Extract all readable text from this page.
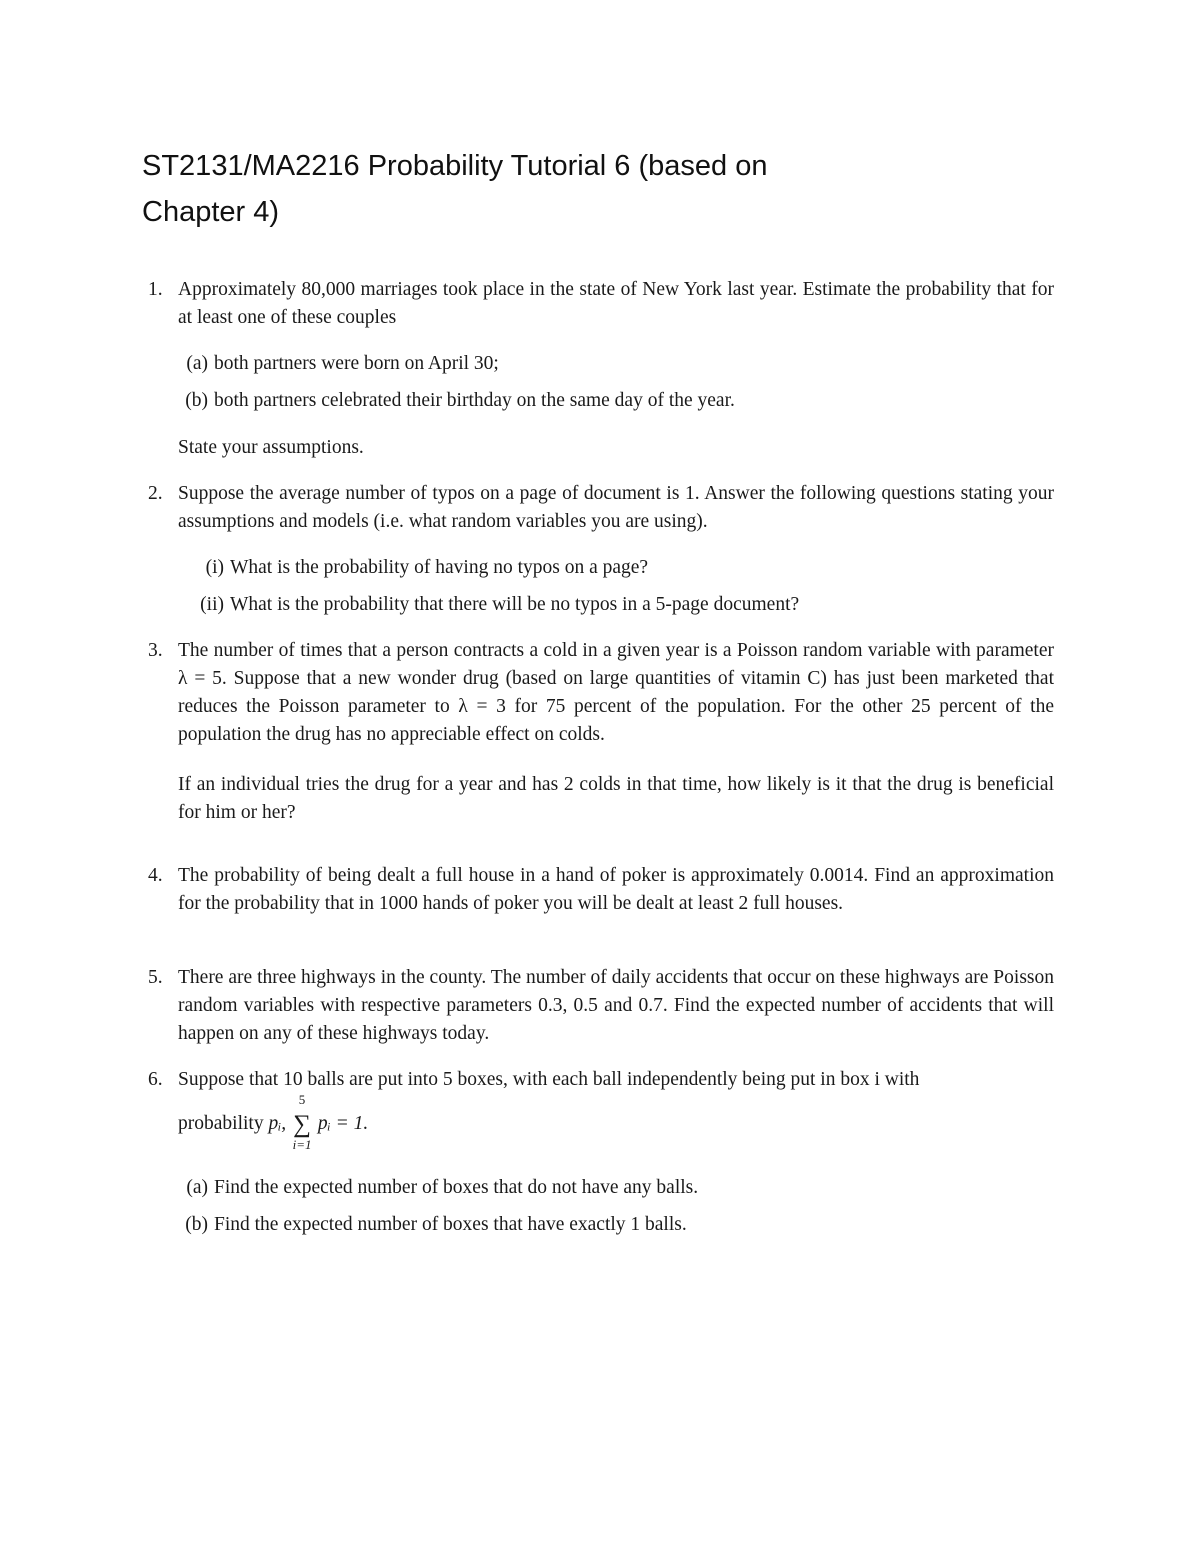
ST2131/MA2216 Probability Tutorial 6 (based on
Chapter 4)
1. Approximately 80,000 marriages took place in the state of New York last year. Estimate the probability that for at least one of these couples
(a) both partners were born on April 30;
(b) both partners celebrated their birthday on the same day of the year.
State your assumptions.
2. Suppose the average number of typos on a page of document is 1. Answer the following questions stating your assumptions and models (i.e. what random variables you are using).
(i) What is the probability of having no typos on a page?
(ii) What is the probability that there will be no typos in a 5-page document?
3. The number of times that a person contracts a cold in a given year is a Poisson random variable with parameter λ = 5. Suppose that a new wonder drug (based on large quantities of vitamin C) has just been marketed that reduces the Poisson parameter to λ = 3 for 75 percent of the population. For the other 25 percent of the population the drug has no appreciable effect on colds.
If an individual tries the drug for a year and has 2 colds in that time, how likely is it that the drug is beneficial for him or her?
4. The probability of being dealt a full house in a hand of poker is approximately 0.0014. Find an approximation for the probability that in 1000 hands of poker you will be dealt at least 2 full houses.
5. There are three highways in the county. The number of daily accidents that occur on these highways are Poisson random variables with respective parameters 0.3, 0.5 and 0.7. Find the expected number of accidents that will happen on any of these highways today.
6. Suppose that 10 balls are put into 5 boxes, with each ball independently being put in box i with
probability pᵢ,
5
∑
i=1
pᵢ = 1.
(a) Find the expected number of boxes that do not have any balls.
(b) Find the expected number of boxes that have exactly 1 balls.
